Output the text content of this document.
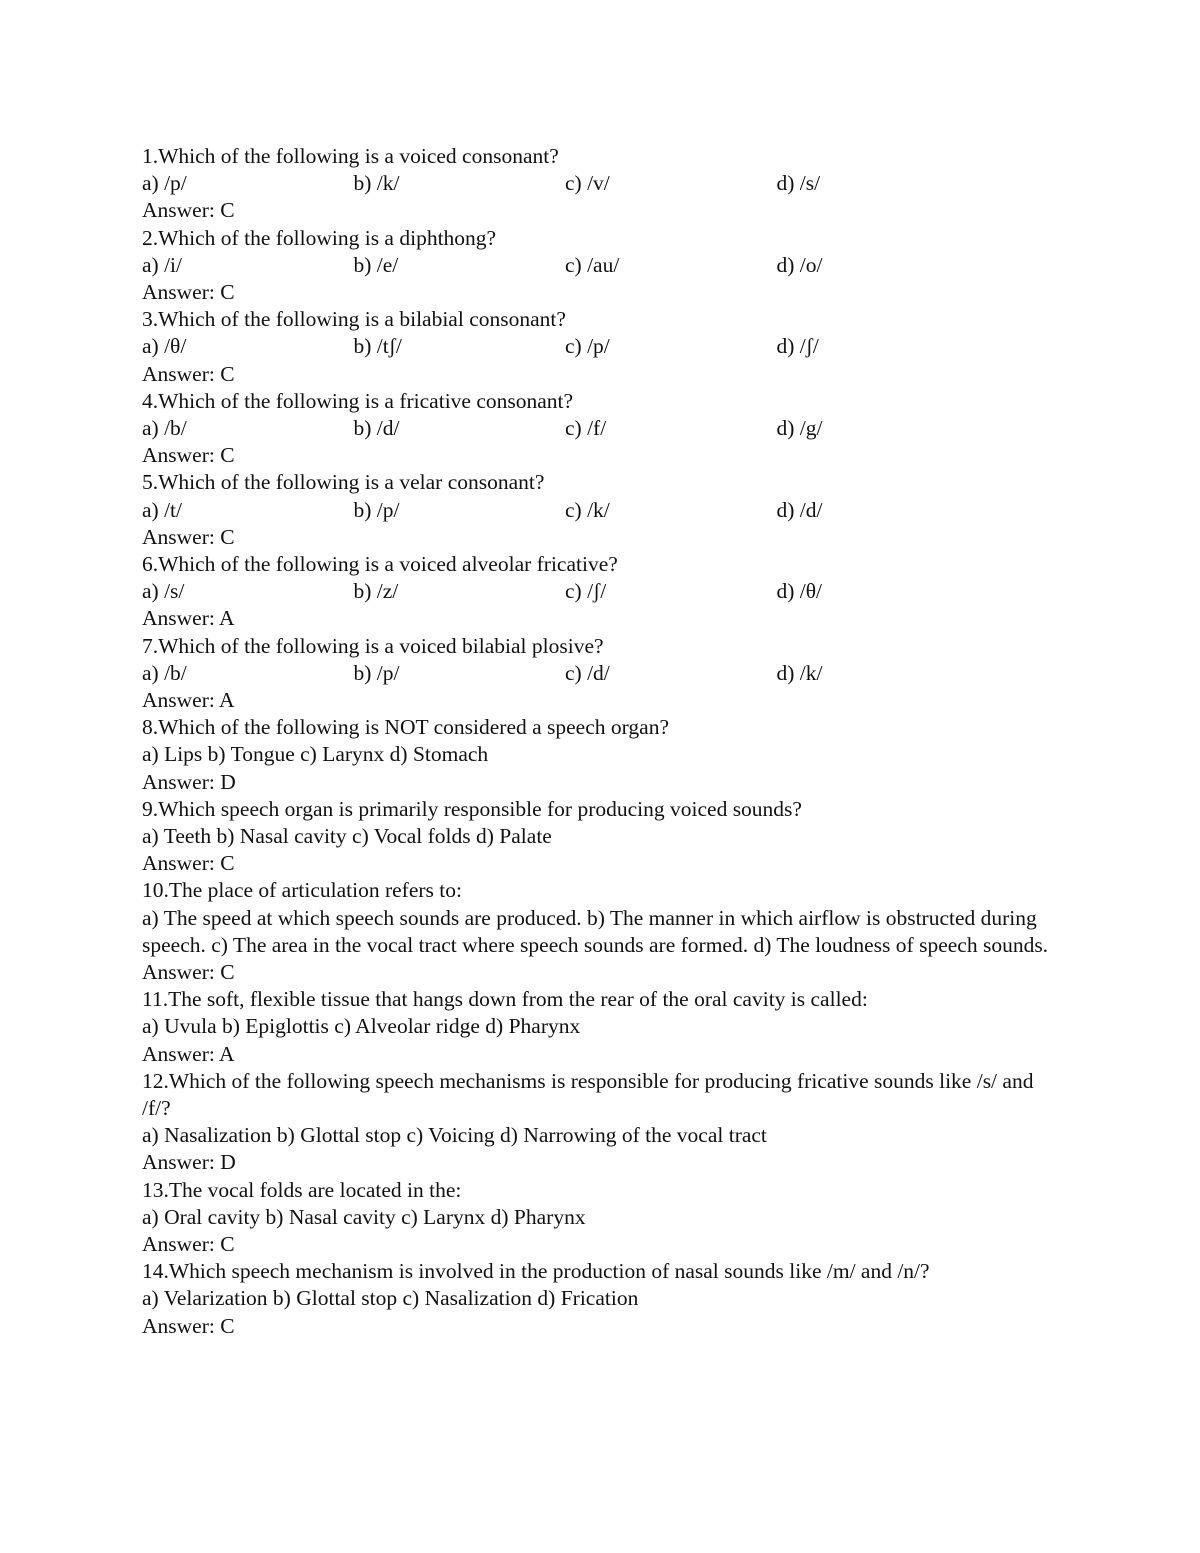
1.Which of the following is a voiced consonant?

a) /p/	b) /k/	c) /v/	d) /s/

Answer: C

2.Which of the following is a diphthong?

a) /i/	b) /e/	c) /au/	d) /o/

Answer: C

3.Which of the following is a bilabial consonant?

a) /θ/	b) /tʃ/	c) /p/	d) /ʃ/

Answer: C

4.Which of the following is a fricative consonant?

a) /b/	b) /d/	c) /f/	d) /g/

Answer: C

5.Which of the following is a velar consonant?

a) /t/	b) /p/	c) /k/	d) /d/

Answer: C

6.Which of the following is a voiced alveolar fricative?

a) /s/	b) /z/	c) /ʃ/	d) /θ/

Answer: A

7.Which of the following is a voiced bilabial plosive?

a) /b/	b) /p/	c) /d/	d) /k/

Answer: A

8.Which of the following is NOT considered a speech organ?

a) Lips b) Tongue c) Larynx d) Stomach

Answer: D

9.Which speech organ is primarily responsible for producing voiced sounds?

a) Teeth b) Nasal cavity c) Vocal folds d) Palate

Answer: C

10.The place of articulation refers to:

a) The speed at which speech sounds are produced. b) The manner in which airflow is obstructed during speech. c) The area in the vocal tract where speech sounds are formed. d) The loudness of speech sounds.

Answer: C

11.The soft, flexible tissue that hangs down from the rear of the oral cavity is called:

a) Uvula b) Epiglottis c) Alveolar ridge d) Pharynx

Answer: A

12.Which of the following speech mechanisms is responsible for producing fricative sounds like /s/ and /f/?

a) Nasalization b) Glottal stop c) Voicing d) Narrowing of the vocal tract

Answer: D

13.The vocal folds are located in the:

a) Oral cavity b) Nasal cavity c) Larynx d) Pharynx

Answer: C

14.Which speech mechanism is involved in the production of nasal sounds like /m/ and /n/?

a) Velarization b) Glottal stop c) Nasalization d) Frication

Answer: C
